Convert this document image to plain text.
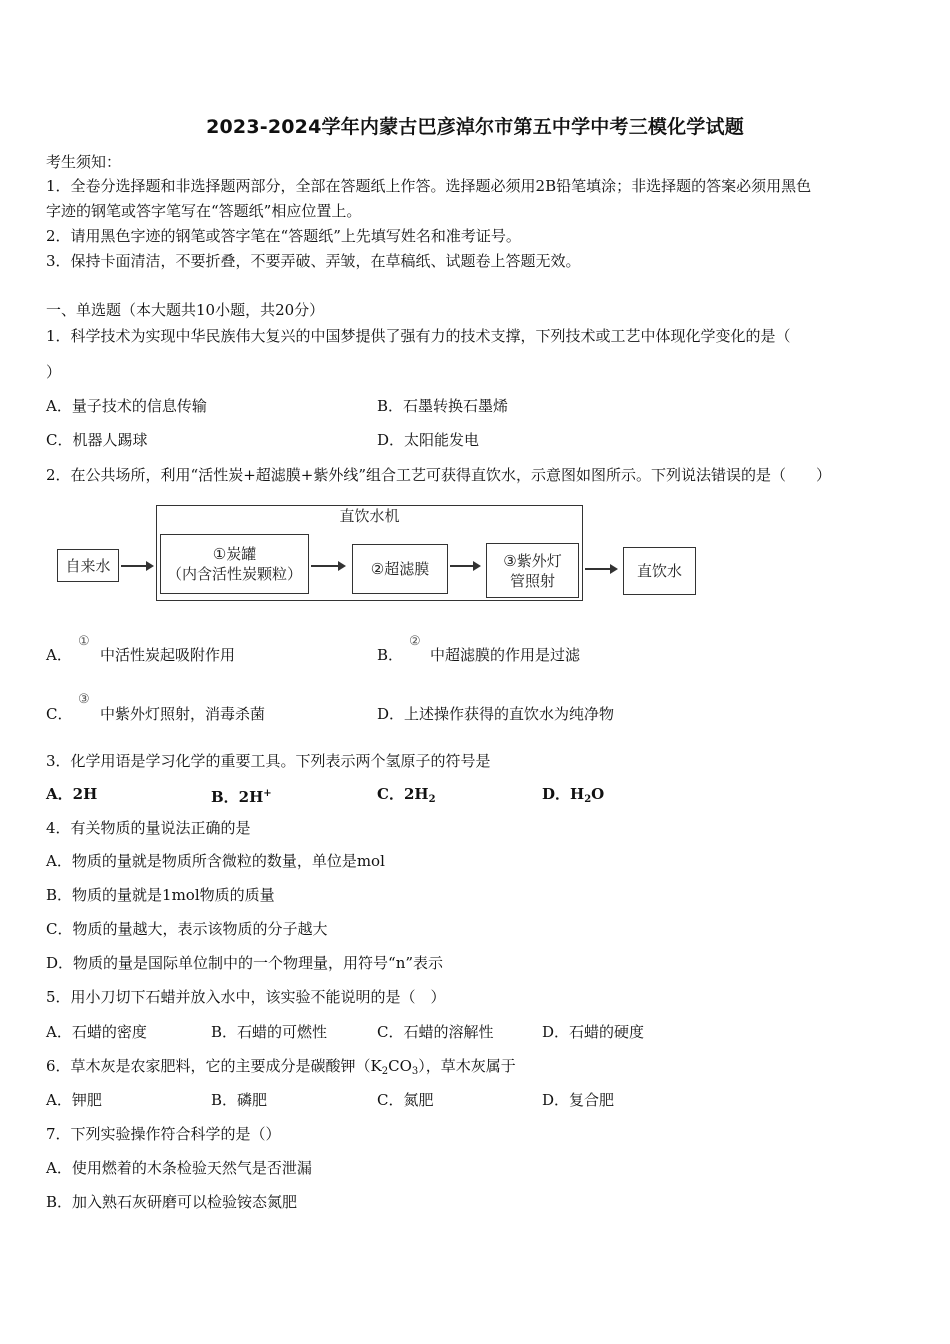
2023-2024学年内蒙古巴彦淖尔市第五中学中考三模化学试题
考生须知：
1．全卷分选择题和非选择题两部分，全部在答题纸上作答。选择题必须用2B铅笔填涂；非选择题的答案必须用黑色
字迹的钢笔或答字笔写在“答题纸”相应位置上。
2．请用黑色字迹的钢笔或答字笔在“答题纸”上先填写姓名和准考证号。
3．保持卡面清洁，不要折叠，不要弄破、弄皱，在草稿纸、试题卷上答题无效。
一、单选题（本大题共10小题，共20分）
1．科学技术为实现中华民族伟大复兴的中国梦提供了强有力的技术支撑，下列技术或工艺中体现化学变化的是（
）
A．量子技术的信息传输	B．石墨转换石墨烯
C．机器人踢球	D．太阳能发电
2．在公共场所，利用“活性炭+超滤膜+紫外线”组合工艺可获得直饮水，示意图如图所示。下列说法错误的是（　　）
直饮水机
自来水
①炭罐
（内含活性炭颗粒）	②超滤膜	③紫外灯
管照射
直饮水
A．
①
中活性炭起吸附作用	B．
②
中超滤膜的作用是过滤
C．
③
中紫外灯照射，消毒杀菌	D．上述操作获得的直饮水为纯净物
3．化学用语是学习化学的重要工具。下列表示两个氢原子的符号是
A．2H	B．2H+	C．$2H_2$	D．$H_2O$
4．有关物质的量说法正确的是
A．物质的量就是物质所含微粒的数量，单位是mol
B．物质的量就是1mol物质的质量
C．物质的量越大，表示该物质的分子越大
D．物质的量是国际单位制中的一个物理量，用符号“n”表示
5．用小刀切下石蜡并放入水中，该实验不能说明的是（　）
A．石蜡的密度	B．石蜡的可燃性	C．石蜡的溶解性	D．石蜡的硬度
6．草木灰是农家肥料，它的主要成分是碳酸钾$(K_2CO_3)$，草木灰属于
A．钾肥	B．磷肥	C．氮肥	D．复合肥
7．下列实验操作符合科学的是（）
A．使用燃着的木条检验天然气是否泄漏
B．加入熟石灰研磨可以检验铵态氮肥
